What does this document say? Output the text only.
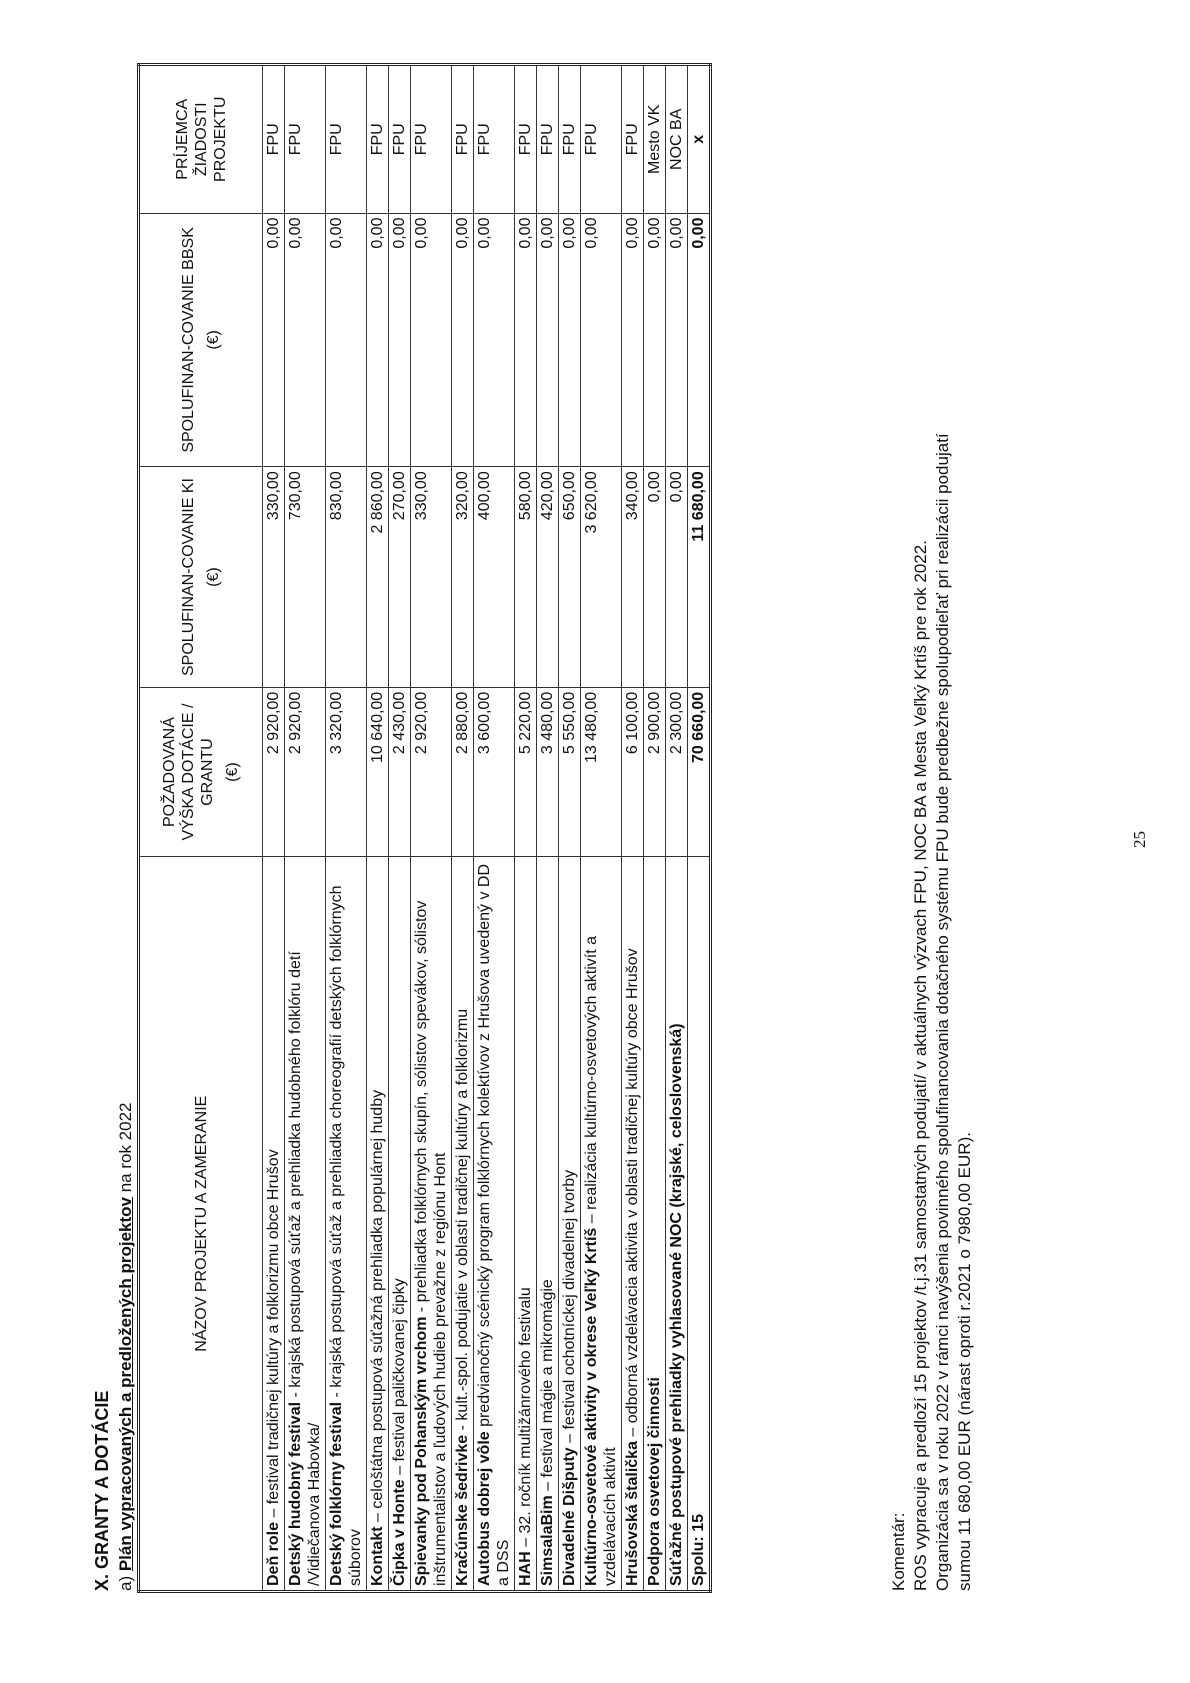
X. GRANTY A DOTÁCIE a) Plán vypracovaných a predložených projektov na rok 2022	NÁZOV PROJEKTU A ZAMERANIE	POŽADOVANÁ VÝŠKA DOTÁCIE / GRANTU (€)	SPOLUFINAN-COVANIE KI (€)	SPOLUFINAN-COVANIE BBSK (€)	PRÍJEMCA ŽIADOSTI PROJEKTU
Deň role – festival tradičnej kultúry a folklorizmu obce Hrušov	2 920,00	330,00	0,00	FPU
Detský hudobný festival - krajská postupová súťaž a prehliadka hudobného folklóru detí /Vidiečanova Habovka/	2 920,00	730,00	0,00	FPU
Detský folklórny festival - krajská postupová súťaž a prehliadka choreografií detských folklórnych súborov	3 320,00	830,00	0,00	FPU
Kontakt – celoštátna postupová súťažná prehliadka populárnej hudby	10 640,00	2 860,00	0,00	FPU
Čipka v Honte – festival paličkovanej čipky	2 430,00	270,00	0,00	FPU
Spievanky pod Pohanským vrchom - prehliadka folklórnych skupín, sólistov spevákov, sólistov inštrumentalistov a ľudových hudieb prevažne z regiónu Hont	2 920,00	330,00	0,00	FPU
Kračúnske šedrivke - kult.-spol. podujatie v oblasti tradičnej kultúry a folklorizmu	2 880,00	320,00	0,00	FPU
Autobus dobrej vôle predvianočný scénický program folklórnych kolektívov z Hrušova uvedený v DD a DSS	3 600,00	400,00	0,00	FPU
HAH – 32. ročník multižánrového festivalu	5 220,00	580,00	0,00	FPU
SimsalaBim – festival mágie a mikromágie	3 480,00	420,00	0,00	FPU
Divadelné Dišputy – festival ochotníckej divadelnej tvorby	5 550,00	650,00	0,00	FPU
Kultúrno-osvetové aktivity v okrese Veľký Krtíš – realizácia kultúrno-osvetových aktivít a vzdelávacích aktivít	13 480,00	3 620,00	0,00	FPU
Hrušovská štalička – odborná vzdelávacia aktivita v oblasti tradičnej kultúry obce Hrušov	6 100,00	340,00	0,00	FPU
Podpora osvetovej činnosti	2 900,00	0,00	0,00	Mesto VK
Súťažné postupové prehliadky vyhlasované NOC (krajské, celoslovenská)	2 300,00	0,00	0,00	NOC BA
Spolu: 15	70 660,00	11 680,00	0,00	x
Komentár: ROS vypracuje a predloží 15 projektov /t.j.31 samostatných podujatí/ v aktuálnych výzvach FPU, NOC BA a Mesta Veľký Krtíš pre rok 2022. Organizácia sa v roku 2022 v rámci navýšenia povinného spolufinancovania dotačného systému FPU bude predbežne spolupodieľať pri realizácii podujatí sumou 11 680,00 EUR (nárast oproti r.2021 o 7980,00 EUR).
25
